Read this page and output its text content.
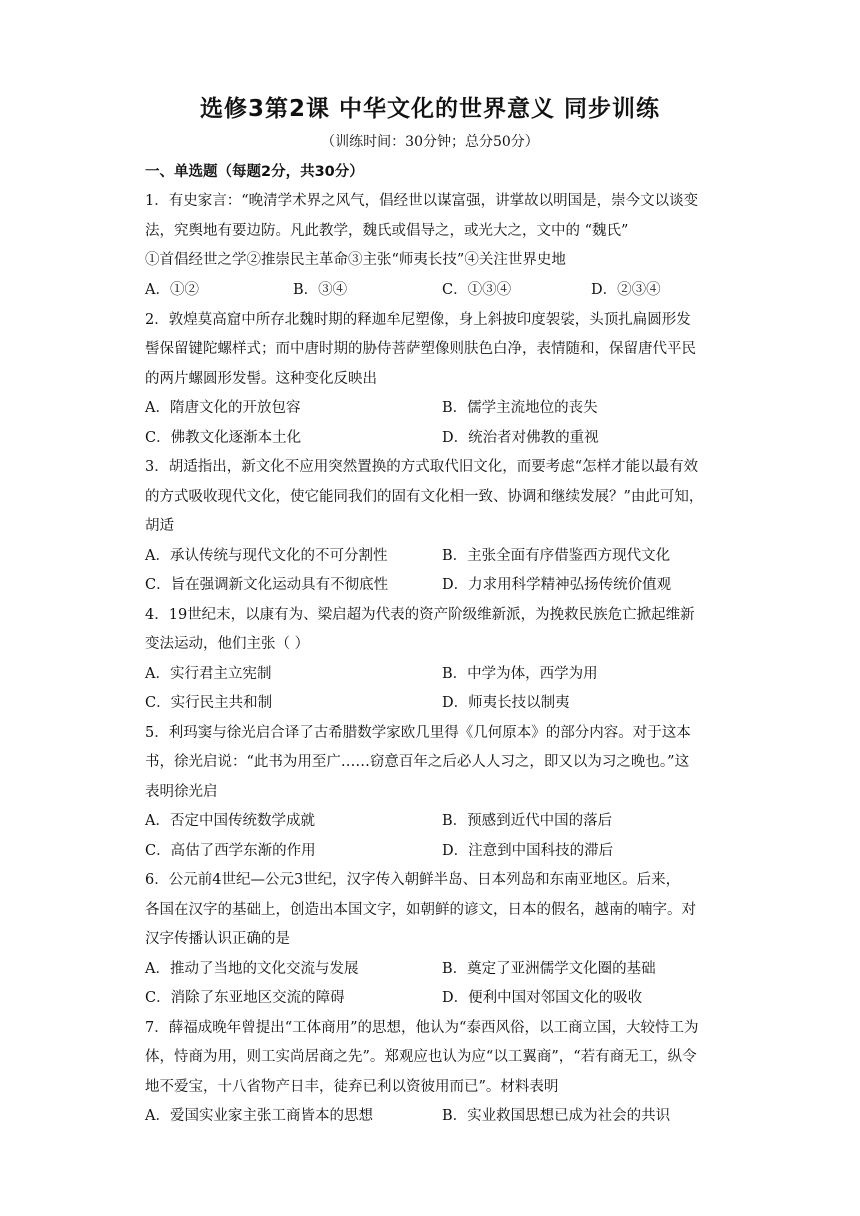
选修3第2课 中华文化的世界意义 同步训练
（训练时间：30分钟；总分50分）
一、单选题（每题2分，共30分）
1．有史家言：“晚清学术界之风气，倡经世以谋富强，讲掌故以明国是，崇今文以谈变
法，究舆地有要边防。凡此教学，魏氏或倡导之，或光大之，文中的 “魏氏”
①首倡经世之学②推崇民主革命③主张“师夷长技”④关注世界史地
A．①②	B．③④	C．①③④	D．②③④
2．敦煌莫高窟中所存北魏时期的释迦牟尼塑像，身上斜披印度袈裟，头顶扎扁圆形发
髻保留键陀螺样式；而中唐时期的胁侍菩萨塑像则肤色白净，表情随和，保留唐代平民
的两片螺圆形发髻。这种变化反映出
A．隋唐文化的开放包容	B．儒学主流地位的丧失
C．佛教文化逐渐本土化	D．统治者对佛教的重视
3．胡适指出，新文化不应用突然置换的方式取代旧文化，而要考虑“怎样才能以最有效
的方式吸收现代文化，使它能同我们的固有文化相一致、协调和继续发展？”由此可知，
胡适
A．承认传统与现代文化的不可分割性	B．主张全面有序借鉴西方现代文化
C．旨在强调新文化运动具有不彻底性	D．力求用科学精神弘扬传统价值观
4．19世纪末，以康有为、梁启超为代表的资产阶级维新派，为挽救民族危亡掀起维新
变法运动，他们主张（ ）
A．实行君主立宪制	B．中学为体，西学为用
C．实行民主共和制	D．师夷长技以制夷
5．利玛窦与徐光启合译了古希腊数学家欧几里得《几何原本》的部分内容。对于这本
书，徐光启说：“此书为用至广……窃意百年之后必人人习之，即又以为习之晚也。”这
表明徐光启
A．否定中国传统数学成就	B．预感到近代中国的落后
C．高估了西学东渐的作用	D．注意到中国科技的滞后
6．公元前4世纪—公元3世纪，汉字传入朝鲜半岛、日本列岛和东南亚地区。后来，
各国在汉字的基础上，创造出本国文字，如朝鲜的谚文，日本的假名，越南的喃字。对
汉字传播认识正确的是
A．推动了当地的文化交流与发展	B．奠定了亚洲儒学文化圈的基础
C．消除了东亚地区交流的障碍	D．便利中国对邻国文化的吸收
7．薛福成晚年曾提出“工体商用”的思想，他认为“泰西风俗，以工商立国，大较恃工为
体，恃商为用，则工实尚居商之先”。郑观应也认为应“以工翼商”，“若有商无工，纵令
地不爱宝，十八省物产日丰，徒弃已利以资彼用而已”。材料表明
A．爱国实业家主张工商皆本的思想	B．实业救国思想已成为社会的共识
